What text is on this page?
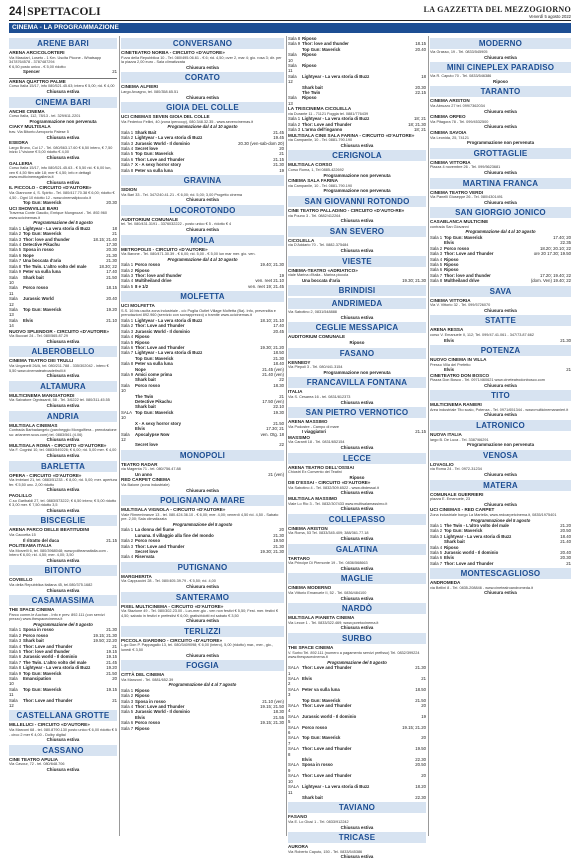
24 SPETTACOLI	LA GAZZETTA DEL MEZZOGIORNO
Venerdì 5 agosto 2022
CINEMA - LA PROGRAMMAZIONE
ARENE BARI
ARENA ARCICOLORTERI
Via Masciari, Loseto - 1 Km. Uscita Picone - Whatsapp 3478764578 - 3787487294
€ 6,50 posto unico - € 5,00 ridotto
Spencer	21
ARENA QUATTRO PALME
Corso Italia 15/17, info 080/521.45.63; intero € 5,00; rid. € 4,00
Chiusura estiva
CINEMA BARI
ANCHE CINEMA
Corso Italia, 112, 78/13 - tel. 329/611.2201
Programmazione non pervenuta
CIAKY MULTISALA
trav. Via Bitonto Aeroporto Palese 5
Chiusura estiva
ESEDRA
Largo Bruno, Cui 17 - Tel. 080/563.17.60 € 6,50 intero, € 7,50 inizio 1°visione € 5,00 ridotto € 4,00
Chiusura estiva
GALLERIA
Corso Italia 15/17, info 080/521.45.63 - € 5,50 rid. € 6,00 lun, ven € 4,50 film alle 18; mer € 4,50; info e dettagli www.multicinemagalleria.it
Chiusura estiva
IL PICCOLO - CIRCUITO «D'AUTORE»
Via Giannone 4, S. Spirito - Tel. 080/417.70.38 € 6,00; ridotto € 4,50 - Ogni 10 ridotto 12 - www.cinemailpiccolo.it
Top Gun: Maverick	20.30
UCI SHOWVILLE BARI
Traversa Conte Gaudio, Enrique Mungnozzi - Tel. 892.960 www.ucicinemas.it
Programmazione del 5 agosto
Sala 1 Lightyear - La vera storia di Buzz	18
Sala 2 Top Gun: Maverick	21
Sala 3 Thor: love and thunder	18.15; 21.40
Sala 4 Detective Pikachu	17.30
Sala 5 Sposa in rosso	20.30
Sala 6 Nope	21.30
Sala 7 Una boccata d'aria	21.30
Sala 8 The Twin. L'altro volto del male	18.30; 22
Sala 9 Peter va sulla luna	17.40
Sala 10
Shark bait	21.50
Sala 11
Porco rosso	18.15
Sala 12
Jurassic World	20.40
Sala 13
Top Gun: Maverick	19.20
Sala 14
Elvis	21.10
NUOVO SPLENDOR - CIRCUITO «D'AUTORE»
Via Buccari 24 - Tel. 080/565.87.29
Chiusura estiva
ALBEROBELLO
CINEMA TEATRO DEI TRULLI
Via Unganelli 26/A, tel. 080/211.788 - 335/302042 - intero € 5,50 www.cinemateatroadeitrulli.it
Chiusura estiva
ALTAMURA
MULTICINEMA MANGIATORDI
Via Salvatore Ognissanti, 58 - Tel. 3/6222 tel. 080/311.45.55
Chiusura estiva
ANDRIA
MULTISALA CINEMAS
Contrada Barbadangelo (parcheggio Mongolfiera - prenotazione su: arianerer.scus.com) tel. 0883/561 (4.06)
Chiusura estiva
MULTISALA ROMA - CIRCUITO «D'AUTORE»
Via F. Cognisi 10, tel. 0883/549226; € 6,00; rid. 5,00 mer. € 4,00
Chiusura estiva
BARLETTA
OPERA - CIRCUITO «D'AUTORE»
Via Imbriani 21, tel. 0883/51233 - € 8,00, rid. 5,00; mer. apertura fer. € 5,50 unc. 2,00 ridotto
Chiusura estiva
PAOLILLO
C.so Garibaldi 27, tel. 0883/573222; € 6,50 intero; € 5,00 ridotto € 3,00 mer. € 7,50 ridotto 3,5
Chiusura estiva
BISCEGLIE
ARENA PARCO DELLE BEATITUDINI
Via Caccetta 15
Il ritratto del duca	21.15
POLITEAMA ITALIA
Via Morzelli 6, tel. 080/3968048; www.politeamaitalia.com - Intero € 6,00; rid. 4,50; mer. 4,00; 3,50
Chiusura estiva
BITONTO
COVIELLO
Via della Repubblica italiana 45, tel.080/375.1682
Chiusura estiva
CASAMASSIMA
THE SPACE CINEMA
Parco comm.le Auchan - Info e prev. 892.111 (con servizi prezzo) www.thespacecinema.it
Programmazione del 5 agosto
Sala 1 Sposa in rosso	21.30
Sala 2 Porco rosso	19.15; 21.30
Sala 3 Shark bait	19.50; 22.20
Sala 4 Thor: Love and Thunder	21
Sala 5 Thor: love and thunder	19.15
Sala 6 Jurassic world - Il dominio	19.15
Sala 7 The Twin. L'altro volto del male	21.45
Sala 8 Lightyear - La vera storia di Buzz	19.20
Sala 9 Top Gun: Maverick	21.50
Sala 10
Emancipation	20
Sala 11
Top Gun: Maverick	19.15
Sala 12
Thor: Love and Thunder	21
CASTELLANA GROTTE
MILLELUCI - CIRCUITO «D'AUTORE»
Via Marconi 68 - tel. 080.8790.130 posto unico € 6,00 ridotto € 5 - circo 2 mer € 4,00 - Dolby digital
Chiusura estiva
CASSANO
CINE TEATRO APULIA
Via Cavour, 72 - tel. 080/648.706
Chiusura estiva
CONVERSANO
CINETEATRO NORBA - CIRCUITO «D'AUTORE»
P.zza della Repubblica 10 - Tel. 080/495.06.61 - € 6; rid. 4,50; over 2, mar 4; gio. rosa 3; dir. per la piazza 2,00 euro - Sala climatizzata
Chiusura estiva
CORATO
CINEMA ALFIERI
Largo Arcagno, tel. 080/358.65.51
Chiusura estiva
GIOIA DEL COLLE
UCI CINEMAS SEVEN GIOIA DEL COLLE
Via Federico Fellini, 40 (zona ipercoop), 080.348.32.35 - www.sevencinemas.it
Programmazione dal 4 al 10 agosto
Sala 1 Shark Bait	21.45
Sala 2 Lightyear - La vera storia di Buzz	19.45
Sala 3 Jurassic World - Il dominio	20.30 (ven-sab-dom 20)
Sala 4 Secret love	20
Sala 5 Top Gun: Maverick	21
Sala 6 Thor: Love and Thunder	21.15
Sala 7 X - A sexy horror story	21.30
Sala 8 Peter va sulla luna	19
GRAVINA
SIDION
Via Bari 33 - Tel. 347/240.41.21 - € 6,00; rid. 5,00; 3,00 Progetto cinema
Chiusura estiva
LOCOROTONDO
AUDITORIUM COMUNALE
tel. Tel. 080/431.3191 - 3376032222 - posto unico € 5 - ridotto € 4
Chiusura estiva
MOLA
METROPOLIS - CIRCUITO «D'AUTORE»
Via Barone - Tel. 080/471.30.39 - € 6,00; rid. 5,00 - € 5,00 lun mar mer. gio. ven.
Programmazione dal 4 al 10 agosto
Sala 1 Porco rosso	19.40; 21.30
Sala 2 Riposo
Sala 3 Thor: love and thunder	19
Sala 4 Multiheiland drive	ven. reet 21.10
Sala 5 8 e 1/2	ven. reet 19; 21.45
MOLFETTA
UCI MOLFETTA
S.S. 16 bis uscita zona industriale - c/o Puglia Outlet Village Molfetta (Ba). Info, prevendita e prenotazioni 892.960 (servizio con sovrapprezzo) o tramite www.ucicinemas.it
Sala 1 Lightyear - La vera storia di Buzz	18.10; 21.10
Sala 2 Thor: Love and Thunder	17.40
Sala 3 Jurassic World - Il dominio	20.45
Sala 4 Riposo
Sala 5 Riposo
Sala 6 Thor: Love and Thunder	19.30; 21.20
Sala 7 Lightyear - La vera storia di Buzz	18.50
Top Gun: Maverick	21.30
Sala 8 Peter va sulla luna	18.40
Nope	21.45 (ven)
Sala 9 Amici come prima	21.40 (ven)
Shark bait	22
Sala 10
Porco rosso	18.30
The Twin	21
Detective Pikachu	17.50 (ven)
Shark bait	22.10
SALA 10
Top Gun: Maverick	19.30
X - A sexy horror story	21.50
Elvis	17.30; 21
Sala 12
Apocalypse Now	ven. Otg. 18
Secret love	22
MONOPOLI
TEATRO RADAR
via Magenta 71 - tel. 080/756.47.88
Un anno	21 (ven)
RED CARPET CINEMA
Via Baione (zona industriale)
Chiusura estiva
POLIGNANO A MARE
MULTISALA VIGNOLA - CIRCUITO «D'AUTORE»
Viale Rimembranze 13 - tel. 080.424.36.10 - € 6,00; mer. 4,00; venerdì 4,50 rid. 4,50 - Sabato pre. 2,00; Sala climatizzata
Programmazione del 5 agosto
Sala 1 La donna del fiume	20
Lunana. Il villaggio alla fine del mondo	21.30
Sala 2 Porco rosso	19.50
Sala 3 Thor: Love and Thunder	21.30
Secret love	19.30; 21.30
Sala 4 Riservata
PUTIGNANO
MARGHERITA
Via Cappuccini 28 - Tel. 080/405.39.79 - € 5,50; rid. 4,00
Chiusura estiva
SANTERAMO
PIXEL MULTICINEMA - CIRCUITO «D'AUTORE»
Via Stazione 49 - Tel. 080/302.23.00 - Lun-mer-gio - ven non festivi € 5,50; Fest. mer. festivi € 4,50; sabato in festivi e prefestivi € 6,00; gratis/ridotti ed sabato € 3,50
Chiusura estiva
TERLIZZI
PICCOLA GIARDINO - CIRCUITO «D'AUTORE»
L.go Don P. Pappagallo 13, tel. 080/3409098; € 6,00 (intero), 5,00 (ridotto) mar., mer., gio., lunedì € 3,50
Chiusura estiva
FOGGIA
CITTÀ DEL CINEMA
Via Manzoni - Tel. 0881/652.39
Programmazione dal 4 al 7 agosto
Sala 1 Riposo
Sala 2 Riposo
Sala 3 Sposa in rosso	21.10 (ven)
Sala 4 Thor: Love and Thunder	19.15; 21.50
Sala 5 Jurassic World - Il dominio	18.30
Elvis	21.55
Sala 6 Porco rosso	19.15; 21.30
Sala 7 Riposo
Sala 8 Riposo
Sala 9 Thor: love and thunder	18.15
Top Gun: Maverick	20.40
Sala 10
Riposo
Sala 11
Riposo
Sala 12
Lightyear - La vera storia di Buzz	18
Shark bait	20.30
The Twin	22.15
Sala 13
Riposo
LA TRISCINEMA CICOLELLA
via Durante 11 - 71121 Foggia tel. 0881/776439
Sala 1 Lightyear - La vera storia di Buzz	18; 21
Sala 2 Thor: Love and Thunder	18; 21.30
Sala 3 L'arma dell'inganno	18; 21
MULTISALA CINE SALA FARINA - CIRCUITO «D'AUTORE»
via Campanile, 10 - Tel. 0881-790.190
Chiusura estiva
CERIGNOLA
MULTISALA CORSO
Corso Roma, 1, Tel 0885-422692
Programmazione non pervenuta
CINEMA SALA FARINA
via Campanile, 10 - Tel. 0881-790.190
Programmazione non pervenuta
SAN GIOVANNI ROTONDO
CINE TEATRO PALLADINO - CIRCUITO «D'AUTO-RE»
via Pouno 3 - Tel. 0882/412264
Chiusura estiva
SAN SEVERO
CICOLELLA
via D'Addario 70 - Tel. 0882-375484
Chiusura estiva
VIESTE
CINEMA-TEATRO «ADRIATICO»
viale Marina d'Italia - Marina piccola
Una boccata d'aria	19.30; 21.30
BRINDISI
ANDRIMEDA
Via Sabotino 2, 0831/548888
Chiusura estiva
CEGLIE MESSAPICA
AUDITORIUM COMUNALE
Riposo
FASANO
KENNEDY
Via Piepoli 3 - Tel. 080/441.3154
Programmazione non pervenuta
FRANCAVILLA FONTANA
ITALIA
Via S. Cesarea 16 - tel. 0831/812373
Chiusura estiva
SAN PIETRO VERNOTICO
ARENA MASSIMO
Via Podostre - Campo di mare
I viaggiatori	21.15
MASSIMO
Via Caranti 18 - Tel. 0831/652154
Chiusura estiva
LECCE
ARENA TEATRO DELL'OSSIAI
Chiostri Ex Convento dei Teatini
Riposo
DB D'ESSAI - CIRCUITO «D'AUTORE»
Via Sabotino 4 - Tel. 0832/309.6522 - www.dbdessai.it
Chiusura estiva
MULTISALA MASSIMO
Viale Lo Rio 3 - Tel. 0832/307433 www.multisalamassimo.it
Chiusura estiva
COLLEPASSO
CINEMA ARISTON
Via Roma, 53 Tel. 0833/345.409; 388/361.77.18
Chiusura estiva
GALATINA
TARTARO
Via Principe Di Piemonte 19 - Tel. 0836/568663
Chiusura estiva
MAGLIE
CINEMA MODERNO
Via Vittorio Emanuele II, 52 - Tel. 0836/484100
Chiusura estiva
NARDÒ
MULTISALA PIANETA CINEMA
Via Lecce 1 - Tel. 0833/322.469; www.poretocinema.it
Chiusura estiva
SURBO
THE SPACE CINEMA
V. Surbo Tel. 892.111 (numero a pagamento servizi prefisso) Tel. 0832/399224 www.thespacecinema.it
Programmazione del 5 agosto
SALA 1
Thor: Love and Thunder	21.30
SALA 2
Elvis	21
SALA 3
Peter va sulla luna	18.50
Top Gun: Maverick	21.50
SALA 4
Thor: Love and Thunder	20
SALA 5
Jurassic world - Il dominio	19
SALA 6
Porco rosso	19.15; 21.20
SALA 7
Top Gun: Maverick	20
SALA 8
Thor: Love and Thunder	19.50
Elvis	22.30
SALA 9
Sposa in rosso	20.50
SALA 10
Thor: Love and Thunder	20
SALA 11
Lightyear - La vera storia di Buzz	18.20
Shark bait	22.30
TAVIANO
FASANO
Via E. Lo Giusi 1 - Tel. 0833/912242
Chiusura estiva
TRICASE
AURORA
Via Roberto Caputo, 150 - Tel. 0833/545386
Chiusura estiva
MODERNO
Via Grasso, 19 - Tel. 0833/545905
Chiusura estiva
MINI CINEPLEX PARADISO
Via R. Caputo 70 - Tel. 0833/546386
Riposo
TARANTO
CINEMA ARISTON
Via Abruzzo 27 tel. 099/7362034
Chiusura estiva
CINEMA ORFEO
Via Pitagora 78 - Tel. 099/4532500
Chiusura estiva
CINEMA SAVOIA
Via Leonida, 25, 74121
Programmazione non pervenuta
GROTTAGLIE
CINEMA VITTORIA
Piazza 4 novembre 26 - Tel. 099/5623681
Chiusura estiva
MARTINA FRANCA
CINEMA TEATRO VERDI
Via Panelli Giuseppe 26 - Tel. 080/4301491
Chiusura estiva
SAN GIORGIO JONICO
CASABLANCA MULTICINE
contrada San Giovanni
Programmazione dal 4 al 10 agosto
Sala 1 Top Gun: Maverick	17.40; 20
Elvis	22.35
Sala 2 Porco rosso	18.20; 20.10; 22
Sala 3 Thor: Love and Thunder	ore 20 17.30; 19.50
Sala 4 Riposo
Sala 5 Riposo
Sala 6 Riposo
Sala 7 Thor: love and thunder	17.20; 19.40; 22
Sala 8 Multheiland drive	(dom. Ven) 19.40; 22
SAVA
CINEMA VITTORIA
Via V. Vittorio 32 - Tel. 099/5726070
Chiusura estiva
STATTE
ARENA RESSA
corso V. Emanuele II, 112; Tel. 099/47.41.061 - 347/73.87.662
Elvis	21.30
POTENZA
NUOVO CINEMA IN VILLA
Presso Villa del Prefetto
Elvis	21
CINETEATRO DON BOSCO
Piazza Don Bosco - Tel. 0971/460621 www.cineteatrodonbosco.com
Chiusura estiva
TITO
MULTICINEMA RANIERI
Area industriale Tito scalo, Potenza - Tel. 0971/651344 - www.multicinemaranieri.it
Chiusura estiva
LATRONICO
NUOVA ITALIA
largo B. De Luca - Tel. 3387/66291
Programmazione non pervenuta
VENOSA
LOVAGLIO
via Roma 24 - Tel. 0972-31234
Chiusura estiva
MATERA
COMUNALE GUERRIERI
piazza E. Emanuele, 23
Chiusura estiva
UCI CINEMAS - RED CARPET
Zona industriale borgo La Martella, www.redcarpetcinema.it, 0835/1975401
Programmazione del 5 agosto
Sala 1 The Twin - L'altro volto del male	21.20
Sala 2 Top Gun: Maverick	20.50
Sala 3 Lightyear - La vera storia di Buzz	18.40
Shark bait	21.40
Sala 4 Riposo
Sala 5 Jurassic world - Il dominio	20.40
Sala 6 Elvis	20.30
Sala 7 Thor: Love and Thunder	21
MONTESCAGLIOSO
ANDROMEDA
via Bellini 8 - Tel. 0835-208846 - www.cinetealroandromeda.it
Chiusura estiva
